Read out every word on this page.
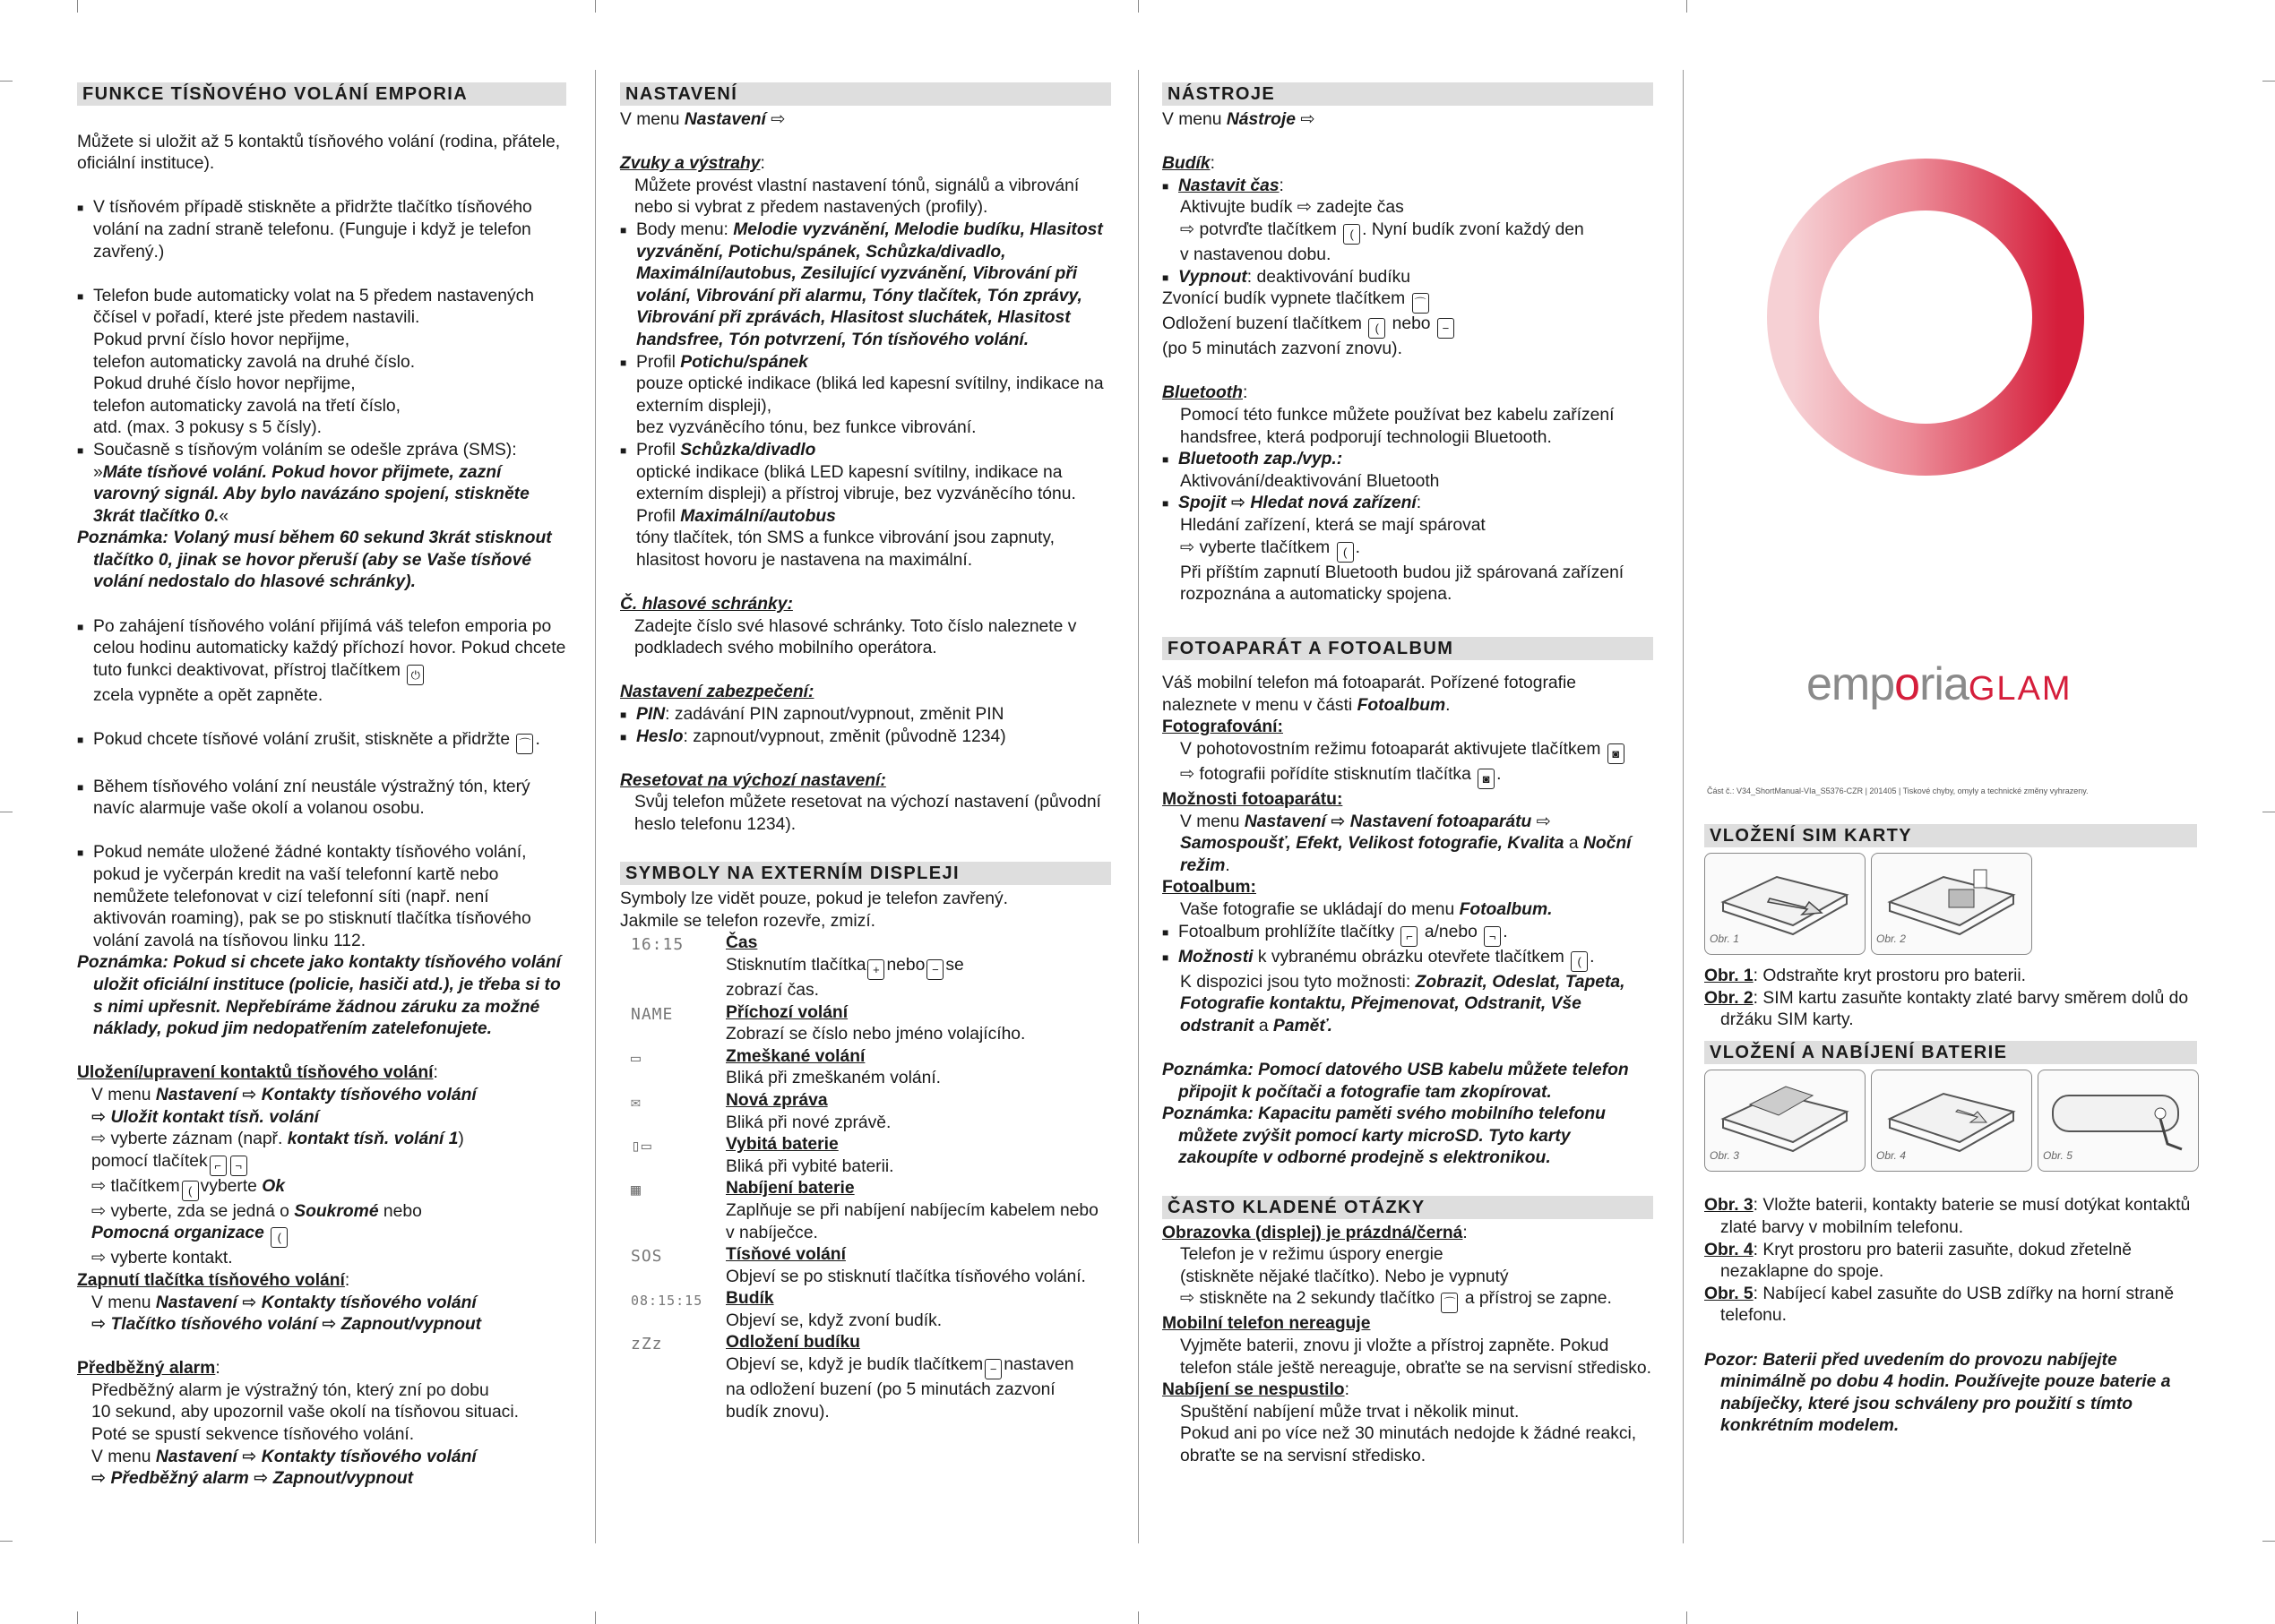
FUNKCE TÍSŇOVÉHO VOLÁNÍ EMPORIA

Můžete si uložit až 5 kontaktů tísňového volání (rodina, přátele, oficiální instituce).

■ V tísňovém případě stiskněte a přidržte tlačítko tísňového volání na zadní straně telefonu. (Funguje i když je telefon zavřený.)

■ Telefon bude automaticky volat na 5 předem nastavených ččísel v pořadí, které jste předem nastavili.

Pokud první číslo hovor nepřijme,

telefon automaticky zavolá na druhé číslo.

Pokud druhé číslo hovor nepřijme,

telefon automaticky zavolá na třetí číslo,

atd. (max. 3 pokusy s 5 čísly).

■ Současně s tísňovým voláním se odešle zpráva (SMS): »Máte tísňové volání. Pokud hovor přijmete, zazní varovný signál. Aby bylo navázáno spojení, stiskněte 3krát tlačítko 0.«

Poznámka: Volaný musí během 60 sekund 3krát stisknout tlačítko 0, jinak se hovor přeruší (aby se Vaše tísňové volání nedostalo do hlasové schránky).

■ Po zahájení tísňového volání přijímá váš telefon emporia po celou hodinu automaticky každý příchozí hovor. Pokud chcete tuto funkci deaktivovat, přístroj tlačítkem ⏻
zcela vypněte a opět zapněte.

■ Pokud chcete tísňové volání zrušit, stiskněte a přidržte ⌒ .

■ Během tísňového volání zní neustále výstražný tón, který navíc alarmuje vaše okolí a volanou osobu.

■ Pokud nemáte uložené žádné kontakty tísňového volání, pokud je vyčerpán kredit na vaší telefonní kartě nebo nemůžete telefonovat v cizí telefonní síti (např. není aktivován roaming), pak se po stisknutí tlačítka tísňového volání zavolá na tísňovou linku 112.

Poznámka: Pokud si chcete jako kontakty tísňového volání uložit oficiální instituce (policie, hasiči atd.), je třeba si to s nimi upřesnit. Nepřebíráme žádnou záruku za možné náklady, pokud jim nedopatřením zatelefonujete.

Uložení/upravení kontaktů tísňového volání:

V menu Nastavení ⇨ Kontakty tísňového volání

⇨ Uložit kontakt tísň. volání

⇨ vyberte záznam (např. kontakt tísň. volání 1)

pomocí tlačítek ⌐ ¬

⇨ tlačítkem ( vyberte Ok

⇨ vyberte, zda se jedná o Soukromé nebo

Pomocná organizace (

⇨ vyberte kontakt.

Zapnutí tlačítka tísňového volání:

V menu Nastavení ⇨ Kontakty tísňového volání

⇨ Tlačítko tísňového volání ⇨ Zapnout/vypnout

Předběžný alarm:

Předběžný alarm je výstražný tón, který zní po dobu

10 sekund, aby upozornil vaše okolí na tísňovou situaci.

Poté se spustí sekvence tísňového volání.

V menu Nastavení ⇨ Kontakty tísňového volání

⇨ Předběžný alarm ⇨ Zapnout/vypnout

NASTAVENÍ

V menu Nastavení ⇨

Zvuky a výstrahy:

Můžete provést vlastní nastavení tónů, signálů a vibrování nebo si vybrat z předem nastavených (profily).

■ Body menu: Melodie vyzvánění, Melodie budíku, Hlasitost vyzvánění, Potichu/spánek, Schůzka/divadlo, Maximální/autobus, Zesilující vyzvánění, Vibrování při volání, Vibrování při alarmu, Tóny tlačítek, Tón zprávy, Vibrování při zprávách, Hlasitost sluchátek, Hlasitost handsfree, Tón potvrzení, Tón tísňového volání.

■ Profil Potichu/spánek

pouze optické indikace (bliká led kapesní svítilny, indikace na externím displeji),

bez vyzváněcího tónu, bez funkce vibrování.

■ Profil Schůzka/divadlo

optické indikace (bliká LED kapesní svítilny, indikace na externím displeji) a přístroj vibruje, bez vyzváněcího tónu.

Profil Maximální/autobus

tóny tlačítek, tón SMS a funkce vibrování jsou zapnuty, hlasitost hovoru je nastavena na maximální.

Č. hlasové schránky:

Zadejte číslo své hlasové schránky. Toto číslo naleznete v podkladech svého mobilního operátora.

Nastavení zabezpečení:

■ PIN: zadávání PIN zapnout/vypnout, změnit PIN

■ Heslo: zapnout/vypnout, změnit (původně 1234)

Resetovat na výchozí nastavení:

Svůj telefon můžete resetovat na výchozí nastavení (původní heslo telefonu 1234).

SYMBOLY NA EXTERNÍM DISPLEJI

Symboly lze vidět pouze, pokud je telefon zavřený.

Jakmile se telefon rozevře, zmizí.

16:15	Čas

Stisknutím tlačítka + nebo − se

zobrazí čas.

NAME	Příchozí volání

Zobrazí se číslo nebo jméno volajícího.

▭	Zmeškané volání

Bliká při zmeškaném volání.

✉	Nová zpráva

Bliká při nové zprávě.

▯▭	Vybitá baterie

Bliká při vybité baterii.

▦	Nabíjení baterie

Zaplňuje se při nabíjení nabíjecím kabelem nebo v nabíječce.

SOS	Tísňové volání

Objeví se po stisknutí tlačítka tísňového volání.

08:15:15	Budík

Objeví se, když zvoní budík.

zZz	Odložení budíku

Objeví se, když je budík tlačítkem − nastaven

na odložení buzení (po 5 minutách zazvoní

budík znovu).

NÁSTROJE

V menu Nástroje ⇨

Budík:

■ Nastavit čas:

Aktivujte budík ⇨ zadejte čas

⇨ potvrďte tlačítkem ( . Nyní budík zvoní každý den

v nastavenou dobu.

■ Vypnout: deaktivování budíku

Zvonící budík vypnete tlačítkem ⌒

Odložení buzení tlačítkem ( nebo −

(po 5 minutách zazvoní znovu).

Bluetooth:

Pomocí této funkce můžete používat bez kabelu zařízení handsfree, která podporují technologii Bluetooth.

■ Bluetooth zap./vyp.:

Aktivování/deaktivování Bluetooth

■ Spojit ⇨ Hledat nová zařízení:

Hledání zařízení, která se mají spárovat

⇨ vyberte tlačítkem ( .

Při příštím zapnutí Bluetooth budou již spárovaná zařízení rozpoznána a automaticky spojena.

FOTOAPARÁT A FOTOALBUM

Váš mobilní telefon má fotoaparát. Pořízené fotografie naleznete v menu v části Fotoalbum.

Fotografování:

V pohotovostním režimu fotoaparát aktivujete tlačítkem ◙

⇨ fotografii pořídíte stisknutím tlačítka ◙ .

Možnosti fotoaparátu:

V menu Nastavení ⇨ Nastavení fotoaparátu ⇨

Samospoušť, Efekt, Velikost fotografie, Kvalita a Noční režim.

Fotoalbum:

Vaše fotografie se ukládají do menu Fotoalbum.

■ Fotoalbum prohlížíte tlačítky ⌐ a/nebo ¬ .

■ Možnosti k vybranému obrázku otevřete tlačítkem ( .

K dispozici jsou tyto možnosti: Zobrazit, Odeslat, Tapeta, Fotografie kontaktu, Přejmenovat, Odstranit, Vše odstranit a Paměť.

Poznámka: Pomocí datového USB kabelu můžete telefon připojit k počítači a fotografie tam zkopírovat.

Poznámka: Kapacitu paměti svého mobilního telefonu můžete zvýšit pomocí karty microSD. Tyto karty zakoupíte v odborné prodejně s elektronikou.

ČASTO KLADENÉ OTÁZKY

Obrazovka (displej) je prázdná/černá:

Telefon je v režimu úspory energie

(stiskněte nějaké tlačítko). Nebo je vypnutý

⇨ stiskněte na 2 sekundy tlačítko ⌒ a přístroj se zapne.

Mobilní telefon nereaguje

Vyjměte baterii, znovu ji vložte a přístroj zapněte. Pokud telefon stále ještě nereaguje, obraťte se na servisní středisko.

Nabíjení se nespustilo:

Spuštění nabíjení může trvat i několik minut.

Pokud ani po více než 30 minutách nedojde k žádné reakci, obraťte se na servisní středisko.

emporiaGLAM
Část č.: V34_ShortManual-VIa_S5376-CZR | 201405 | Tiskové chyby, omyly a technické změny vyhrazeny.
VLOŽENÍ SIM KARTY
Obr. 1	Obr. 2

Obr. 1: Odstraňte kryt prostoru pro baterii.

Obr. 2: SIM kartu zasuňte kontakty zlaté barvy směrem dolů do držáku SIM karty.

VLOŽENÍ A NABÍJENÍ BATERIE
Obr. 3	Obr. 4	Obr. 5

Obr. 3: Vložte baterii, kontakty baterie se musí dotýkat kontaktů zlaté barvy v mobilním telefonu.

Obr. 4: Kryt prostoru pro baterii zasuňte, dokud zřetelně nezaklapne do spoje.

Obr. 5: Nabíjecí kabel zasuňte do USB zdířky na horní straně telefonu.

Pozor: Baterii před uvedením do provozu nabíjejte minimálně po dobu 4 hodin. Používejte pouze baterie a nabíječky, které jsou schváleny pro použití s tímto konkrétním modelem.
